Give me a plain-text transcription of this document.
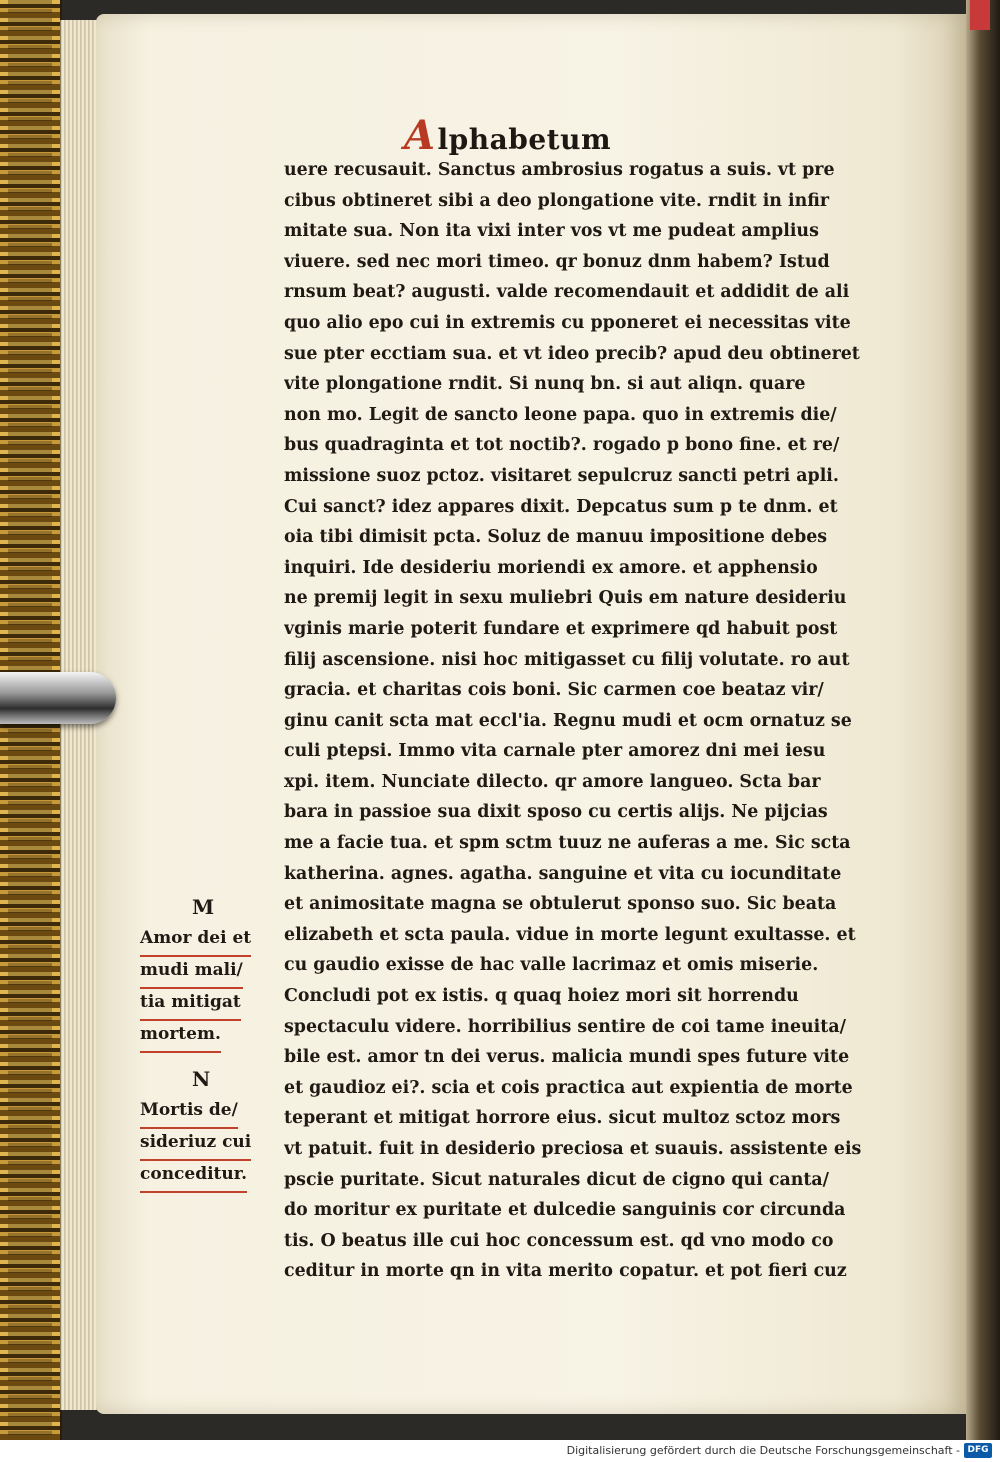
Alphabetum
uere recusauit. Sanctus ambrosius rogatus a suis. vt pre
cibus obtineret sibi a deo plongatione vite. rndit in infir
mitate sua. Non ita vixi inter vos vt me pudeat amplius
viuere. sed nec mori timeo. qr bonuz dnm habem? Istud
rnsum beat? augusti. valde recomendauit et addidit de ali
quo alio epo cui in extremis cu pponeret ei necessitas vite
sue pter ecctiam sua. et vt ideo precib? apud deu obtineret
vite plongatione rndit. Si nunq bn. si aut aliqn. quare
non mo. Legit de sancto leone papa. quo in extremis die/
bus quadraginta et tot noctib?. rogado p bono fine. et re/
missione suoz pctoz. visitaret sepulcruz sancti petri apli.
Cui sanct? idez appares dixit. Depcatus sum p te dnm. et
oia tibi dimisit pcta. Soluz de manuu impositione debes
inquiri. Ide desideriu moriendi ex amore. et apphensio
ne premij legit in sexu muliebri Quis em nature desideriu
vginis marie poterit fundare et exprimere qd habuit post
filij ascensione. nisi hoc mitigasset cu filij volutate. ro aut
gracia. et charitas cois boni. Sic carmen coe beataz vir/
ginu canit scta mat eccl'ia. Regnu mudi et ocm ornatuz se
culi ptepsi. Immo vita carnale pter amorez dni mei iesu
xpi. item. Nunciate dilecto. qr amore langueo. Scta bar
bara in passioe sua dixit sposo cu certis alijs. Ne pijcias
me a facie tua. et spm sctm tuuz ne auferas a me. Sic scta
katherina. agnes. agatha. sanguine et vita cu iocunditate
et animositate magna se obtulerut sponso suo. Sic beata
elizabeth et scta paula. vidue in morte legunt exultasse. et
cu gaudio exisse de hac valle lacrimaz et omis miserie.
Concludi pot ex istis. q quaq hoiez mori sit horrendu
spectaculu videre. horribilius sentire de coi tame ineuita/
bile est. amor tn dei verus. malicia mundi spes future vite
et gaudioz ei?. scia et cois practica aut expientia de morte
teperant et mitigat horrore eius. sicut multoz sctoz mors
vt patuit. fuit in desiderio preciosa et suauis. assistente eis
pscie puritate. Sicut naturales dicut de cigno qui canta/
do moritur ex puritate et dulcedie sanguinis cor circunda
tis. O beatus ille cui hoc concessum est. qd vno modo co
ceditur in morte qn in vita merito copatur. et pot fieri cuz
M
Amor dei et
mudi mali/
tia mitigat
mortem.
N
Mortis de/
sideriuz cui
conceditur.
Digitalisierung gefördert durch die Deutsche Forschungsgemeinschaft - DFG
